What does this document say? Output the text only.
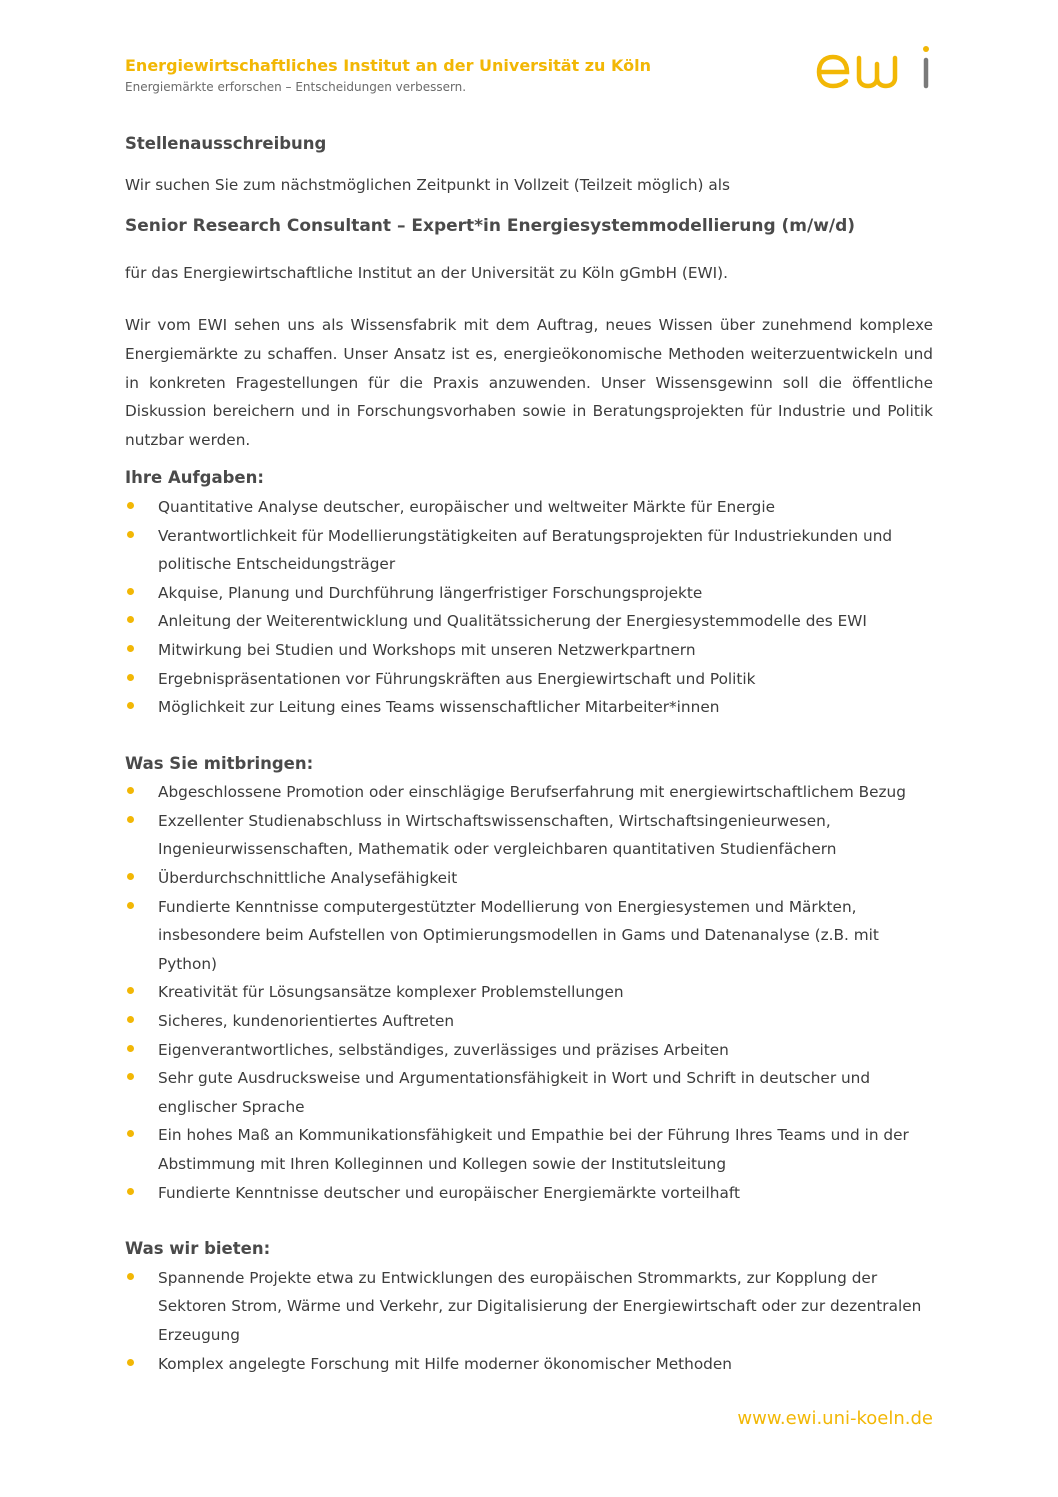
Energiewirtschaftliches Institut an der Universität zu Köln
Energiemärkte erforschen – Entscheidungen verbessern.
Stellenausschreibung
Wir suchen Sie zum nächstmöglichen Zeitpunkt in Vollzeit (Teilzeit möglich) als
Senior Research Consultant – Expert*in Energiesystemmodellierung (m/w/d)
für das Energiewirtschaftliche Institut an der Universität zu Köln gGmbH (EWI).
Wir vom EWI sehen uns als Wissensfabrik mit dem Auftrag, neues Wissen über zunehmend komplexe Energiemärkte zu schaffen. Unser Ansatz ist es, energieökonomische Methoden weiterzuentwickeln und in konkreten Fragestellungen für die Praxis anzuwenden. Unser Wissensgewinn soll die öffentliche Diskussion bereichern und in Forschungsvorhaben sowie in Beratungsprojekten für Industrie und Politik nutzbar werden.
Ihre Aufgaben:
Quantitative Analyse deutscher, europäischer und weltweiter Märkte für Energie
Verantwortlichkeit für Modellierungstätigkeiten auf Beratungsprojekten für Industriekunden und politische Entscheidungsträger
Akquise, Planung und Durchführung längerfristiger Forschungsprojekte
Anleitung der Weiterentwicklung und Qualitätssicherung der Energiesystemmodelle des EWI
Mitwirkung bei Studien und Workshops mit unseren Netzwerkpartnern
Ergebnispräsentationen vor Führungskräften aus Energiewirtschaft und Politik
Möglichkeit zur Leitung eines Teams wissenschaftlicher Mitarbeiter*innen
Was Sie mitbringen:
Abgeschlossene Promotion oder einschlägige Berufserfahrung mit energiewirtschaftlichem Bezug
Exzellenter Studienabschluss in Wirtschaftswissenschaften, Wirtschaftsingenieurwesen, Ingenieurwissenschaften, Mathematik oder vergleichbaren quantitativen Studienfächern
Überdurchschnittliche Analysefähigkeit
Fundierte Kenntnisse computergestützter Modellierung von Energiesystemen und Märkten, insbesondere beim Aufstellen von Optimierungsmodellen in Gams und Datenanalyse (z.B. mit Python)
Kreativität für Lösungsansätze komplexer Problemstellungen
Sicheres, kundenorientiertes Auftreten
Eigenverantwortliches, selbständiges, zuverlässiges und präzises Arbeiten
Sehr gute Ausdrucksweise und Argumentationsfähigkeit in Wort und Schrift in deutscher und englischer Sprache
Ein hohes Maß an Kommunikationsfähigkeit und Empathie bei der Führung Ihres Teams und in der Abstimmung mit Ihren Kolleginnen und Kollegen sowie der Institutsleitung
Fundierte Kenntnisse deutscher und europäischer Energiemärkte vorteilhaft
Was wir bieten:
Spannende Projekte etwa zu Entwicklungen des europäischen Strommarkts, zur Kopplung der Sektoren Strom, Wärme und Verkehr, zur Digitalisierung der Energiewirtschaft oder zur dezentralen Erzeugung
Komplex angelegte Forschung mit Hilfe moderner ökonomischer Methoden
www.ewi.uni-koeln.de
